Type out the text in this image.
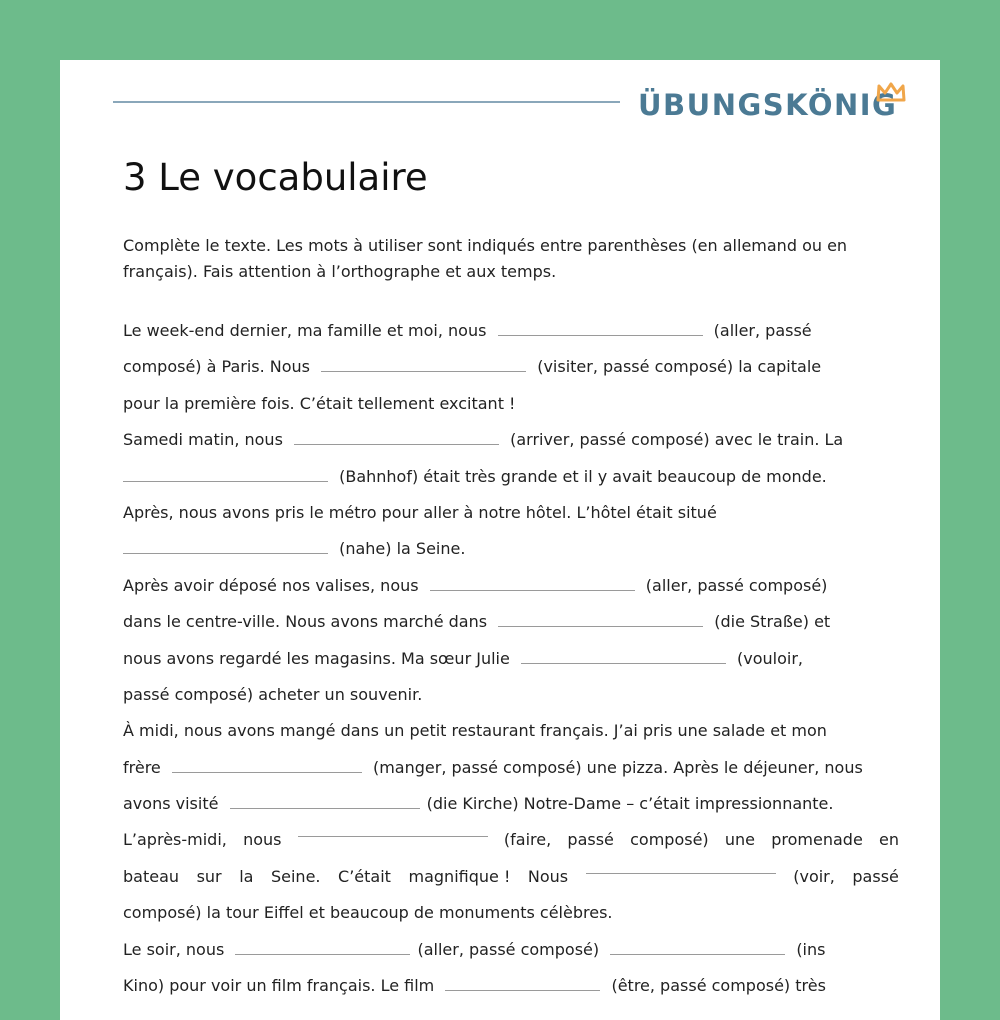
ÜBUNGSKÖNIG
3 Le vocabulaire

Complète le texte. Les mots à utiliser sont indiqués entre parenthèses (en allemand ou en français). Fais attention à l’orthographe et aux temps.

Le week-end dernier, ma famille et moi, nous	(aller, passé
composé) à Paris. Nous	(visiter, passé composé) la capitale
pour la première fois. C’était tellement excitant !
Samedi matin, nous	(arriver, passé composé) avec le train. La
(Bahnhof) était très grande et il y avait beaucoup de monde.
Après, nous avons pris le métro pour aller à notre hôtel. L’hôtel était situé
(nahe) la Seine.
Après avoir déposé nos valises, nous	(aller, passé composé)
dans le centre-ville. Nous avons marché dans	(die Straße) et
nous avons regardé les magasins. Ma sœur Julie	(vouloir,
passé composé) acheter un souvenir.
À midi, nous avons mangé dans un petit restaurant français. J’ai pris une salade et mon
frère	(manger, passé composé) une pizza. Après le déjeuner, nous
avons visité	(die Kirche) Notre-Dame – c’était impressionnante.
L’après-midi, nous	(faire, passé composé) une promenade en
bateau sur la Seine. C’était magnifique ! Nous	(voir, passé
composé) la tour Eiffel et beaucoup de monuments célèbres.
Le soir, nous	(aller, passé composé)	(ins
Kino) pour voir un film français. Le film	(être, passé composé) très
